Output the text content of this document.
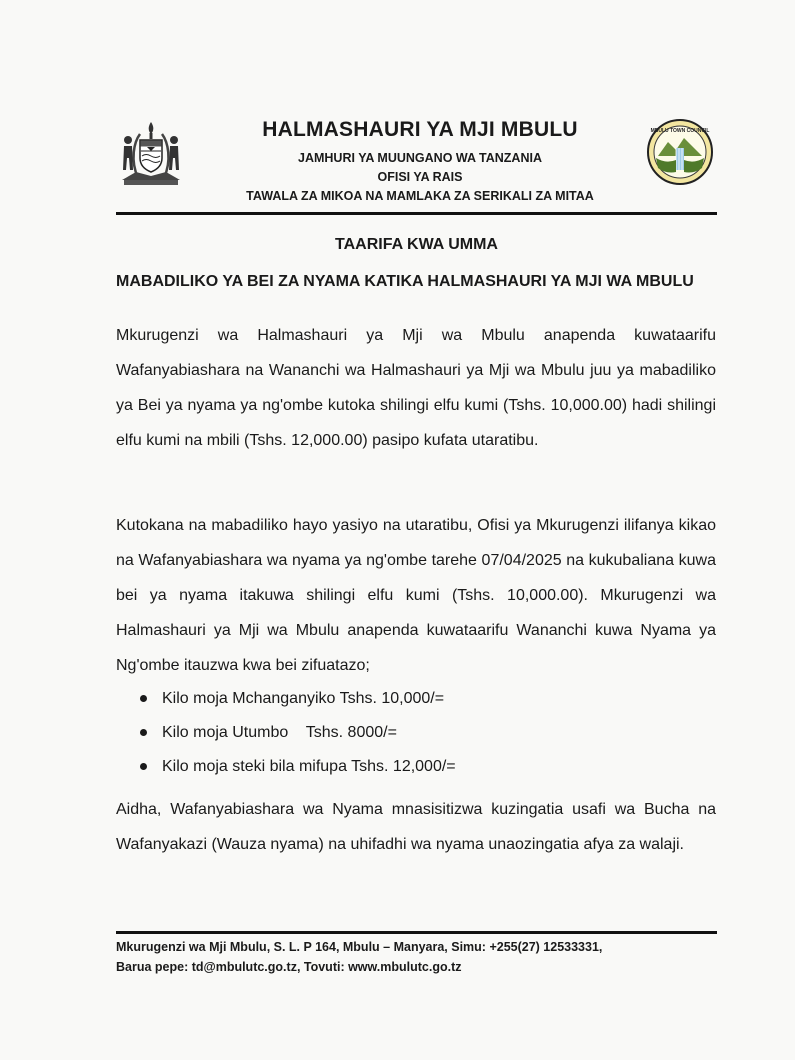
HALMASHAURI YA MJI MBULU
JAMHURI YA MUUNGANO WA TANZANIA
OFISI YA RAIS
TAWALA ZA MIKOA NA MAMLAKA ZA SERIKALI ZA MITAA
MBULU TOWN COUNCIL
TAARIFA KWA UMMA
MABADILIKO YA BEI ZA NYAMA KATIKA HALMASHAURI YA MJI WA MBULU
Mkurugenzi wa Halmashauri ya Mji wa Mbulu anapenda kuwataarifu Wafanyabiashara na Wananchi wa Halmashauri ya Mji wa Mbulu juu ya mabadiliko ya Bei ya nyama ya ng'ombe kutoka shilingi elfu kumi (Tshs. 10,000.00) hadi shilingi elfu kumi na mbili (Tshs. 12,000.00) pasipo kufata utaratibu.
Kutokana na mabadiliko hayo yasiyo na utaratibu, Ofisi ya Mkurugenzi ilifanya kikao na Wafanyabiashara wa nyama ya ng'ombe tarehe 07/04/2025 na kukubaliana kuwa bei ya nyama itakuwa shilingi elfu kumi (Tshs. 10,000.00). Mkurugenzi wa Halmashauri ya Mji wa Mbulu anapenda kuwataarifu Wananchi kuwa Nyama ya Ng'ombe itauzwa kwa bei zifuatazo;
Kilo moja Mchanganyiko Tshs. 10,000/=
Kilo moja Utumbo    Tshs. 8000/=
Kilo moja steki bila mifupa Tshs. 12,000/=
Aidha, Wafanyabiashara wa Nyama mnasisitizwa kuzingatia usafi wa Bucha na Wafanyakazi (Wauza nyama) na uhifadhi wa nyama unaozingatia afya za walaji.
Mkurugenzi wa Mji Mbulu, S. L. P 164, Mbulu – Manyara, Simu: +255(27) 12533331,
Barua pepe: td@mbulutc.go.tz, Tovuti: www.mbulutc.go.tz
